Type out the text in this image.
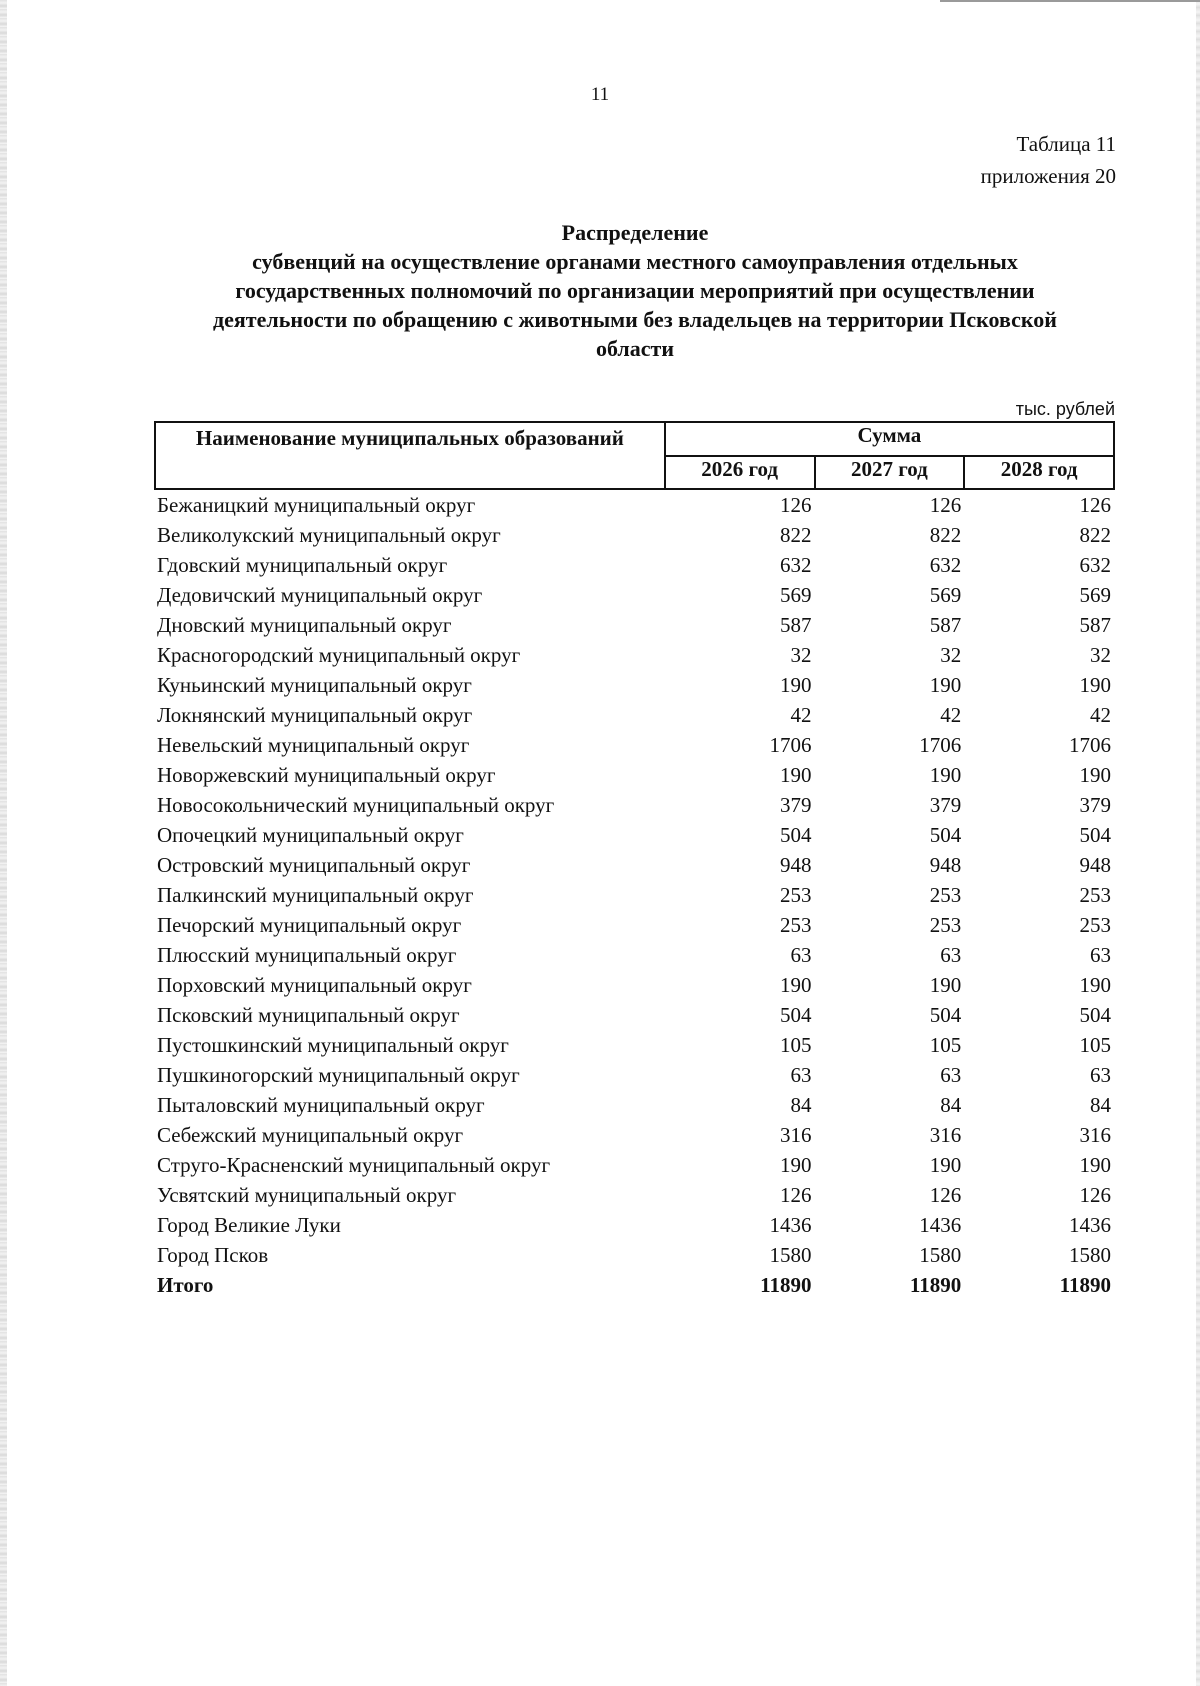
11
Таблица 11
приложения 20
Распределение
субвенций на осуществление органами местного самоуправления отдельных
государственных полномочий по организации мероприятий при осуществлении
деятельности по обращению с животными без владельцев на территории Псковской
области
тыс. рублей
Наименование муниципальных образований	Сумма		
	2026 год	2027 год	2028 год
Бежаницкий муниципальный округ	126	126	126
Великолукский муниципальный округ	822	822	822
Гдовский муниципальный округ	632	632	632
Дедовичский муниципальный округ	569	569	569
Дновский муниципальный округ	587	587	587
Красногородский муниципальный округ	32	32	32
Куньинский муниципальный округ	190	190	190
Локнянский муниципальный округ	42	42	42
Невельский муниципальный округ	1706	1706	1706
Новоржевский муниципальный округ	190	190	190
Новосокольнический муниципальный округ	379	379	379
Опочецкий муниципальный округ	504	504	504
Островский муниципальный округ	948	948	948
Палкинский муниципальный округ	253	253	253
Печорский муниципальный округ	253	253	253
Плюсский муниципальный округ	63	63	63
Порховский муниципальный округ	190	190	190
Псковский муниципальный округ	504	504	504
Пустошкинский муниципальный округ	105	105	105
Пушкиногорский муниципальный округ	63	63	63
Пыталовский муниципальный округ	84	84	84
Себежский муниципальный округ	316	316	316
Струго-Красненский муниципальный округ	190	190	190
Усвятский муниципальный округ	126	126	126
Город Великие Луки	1436	1436	1436
Город Псков	1580	1580	1580
Итого	11890	11890	11890
